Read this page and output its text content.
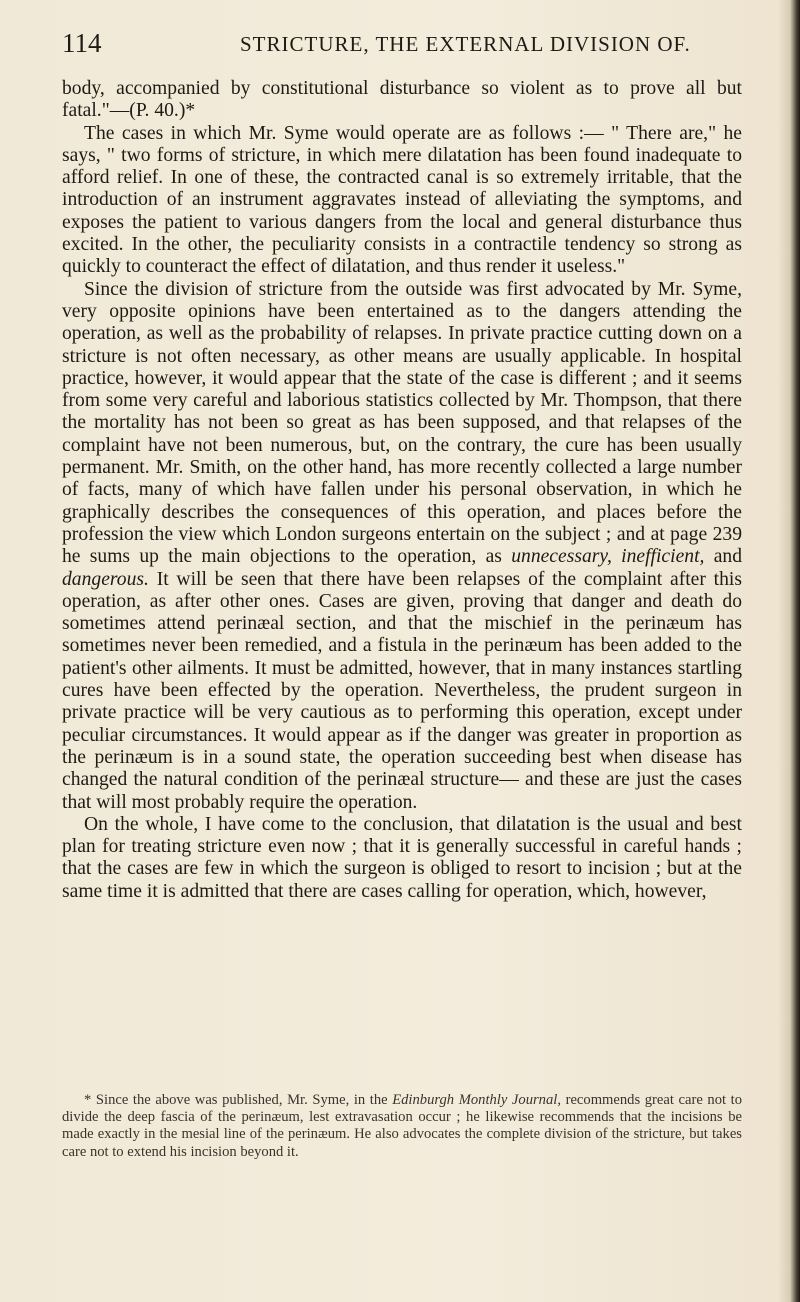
114	STRICTURE, THE EXTERNAL DIVISION OF.

body, accompanied by constitutional disturbance so violent as to prove all but fatal."—(P. 40.)*

The cases in which Mr. Syme would operate are as follows :— " There are," he says, " two forms of stricture, in which mere dilatation has been found inadequate to afford relief. In one of these, the contracted canal is so extremely irritable, that the introduction of an instrument aggravates instead of alleviating the symptoms, and exposes the patient to various dangers from the local and general disturbance thus excited. In the other, the peculiarity consists in a contractile tendency so strong as quickly to counteract the effect of dilatation, and thus render it useless."

Since the division of stricture from the outside was first advocated by Mr. Syme, very opposite opinions have been entertained as to the dangers attending the operation, as well as the probability of relapses. In private practice cutting down on a stricture is not often necessary, as other means are usually applicable. In hospital practice, however, it would appear that the state of the case is different ; and it seems from some very careful and laborious statistics collected by Mr. Thompson, that there the mortality has not been so great as has been supposed, and that relapses of the complaint have not been numerous, but, on the contrary, the cure has been usually permanent. Mr. Smith, on the other hand, has more recently collected a large number of facts, many of which have fallen under his personal observation, in which he graphically describes the consequences of this operation, and places before the profession the view which London surgeons entertain on the subject ; and at page 239 he sums up the main objections to the operation, as unnecessary, inefficient, and dangerous. It will be seen that there have been relapses of the complaint after this operation, as after other ones. Cases are given, proving that danger and death do sometimes attend perinæal section, and that the mischief in the perinæum has sometimes never been remedied, and a fistula in the perinæum has been added to the patient's other ailments. It must be admitted, however, that in many instances startling cures have been effected by the operation. Nevertheless, the prudent surgeon in private practice will be very cautious as to performing this operation, except under peculiar circumstances. It would appear as if the danger was greater in proportion as the perinæum is in a sound state, the operation succeeding best when disease has changed the natural condition of the perinæal structure— and these are just the cases that will most probably require the operation.

On the whole, I have come to the conclusion, that dilatation is the usual and best plan for treating stricture even now ; that it is generally successful in careful hands ; that the cases are few in which the surgeon is obliged to resort to incision ; but at the same time it is admitted that there are cases calling for operation, which, however,

* Since the above was published, Mr. Syme, in the Edinburgh Monthly Journal, recommends great care not to divide the deep fascia of the perinæum, lest extravasation occur ; he likewise recommends that the incisions be made exactly in the mesial line of the perinæum. He also advocates the complete division of the stricture, but takes care not to extend his incision beyond it.
